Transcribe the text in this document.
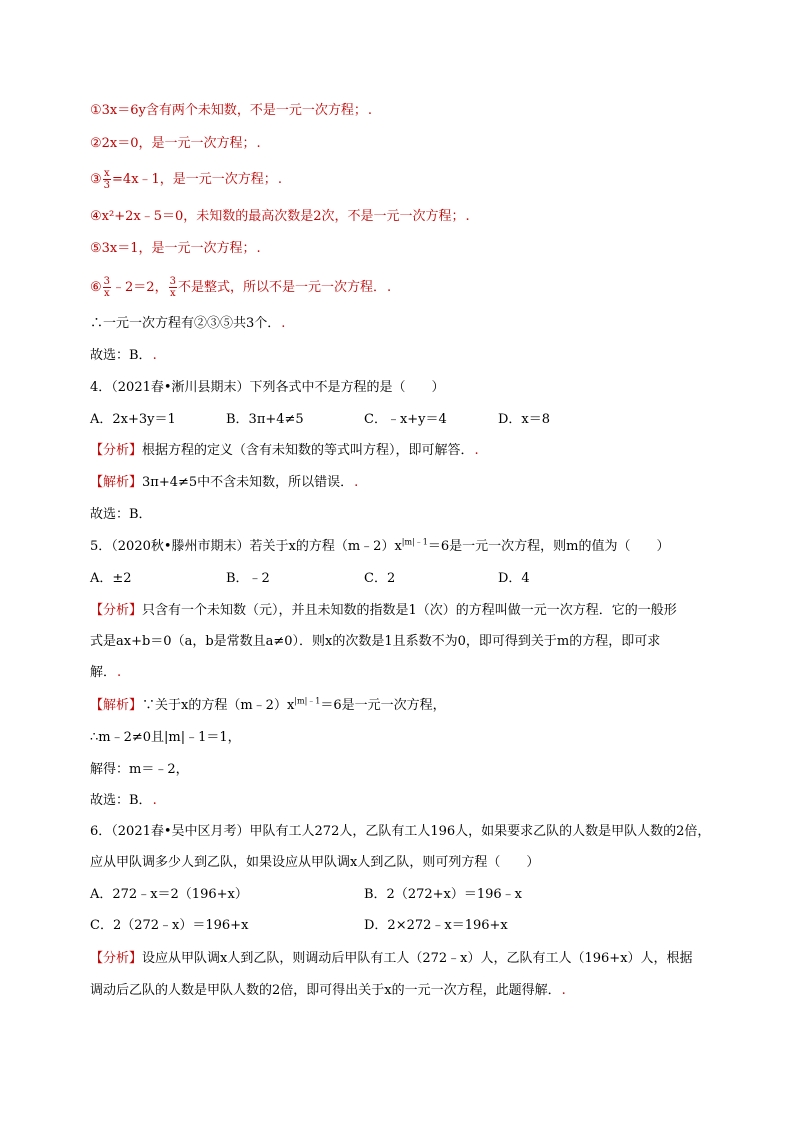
①3x＝6y含有两个未知数，不是一元一次方程；.
②2x＝0，是一元一次方程；.
③ $\frac{x}{3}$ =4x﹣1，是一元一次方程；.
④x²+2x﹣5＝0，未知数的最高次数是2次，不是一元一次方程；.
⑤3x＝1，是一元一次方程；.
⑥ $\frac{3}{x}$ ﹣2＝2， $\frac{3}{x}$ 不是整式，所以不是一元一次方程．.
∴一元一次方程有②③⑤共3个．.
故选：B．.
4．（2021春•淅川县期末）下列各式中不是方程的是（　　）
A．2x+3y＝1	B．3π+4≠5	C．﹣x+y＝4	D．x＝8
【分析】根据方程的定义（含有未知数的等式叫方程），即可解答．.
【解析】3π+4≠5中不含未知数，所以错误．.
故选：B．
5．（2020秋•滕州市期末）若关于x的方程$(m﹣2)x^{|m|﹣1}=6$是一元一次方程，则m的值为（　　）
A．±2	B．﹣2	C．2	D．4
【分析】只含有一个未知数（元），并且未知数的指数是1（次）的方程叫做一元一次方程．它的一般形
式是ax+b＝0（a，b是常数且a≠0）．则x的次数是1且系数不为0，即可得到关于m的方程，即可求
解．.
【解析】∵关于x的方程$(m﹣2)x^{|m|﹣1}=6$是一元一次方程，
∴m﹣2≠0且|m|﹣1＝1，
解得：m＝﹣2，
故选：B．.
6．（2021春•吴中区月考）甲队有工人272人，乙队有工人196人，如果要求乙队的人数是甲队人数的2倍，
应从甲队调多少人到乙队，如果设应从甲队调x人到乙队，则可列方程（　　）
A．272﹣x＝2（196+x）	B．2（272+x）＝196﹣x
C．2（272﹣x）＝196+x	D．2×272﹣x＝196+x
【分析】设应从甲队调x人到乙队，则调动后甲队有工人（272﹣x）人，乙队有工人（196+x）人，根据
调动后乙队的人数是甲队人数的2倍，即可得出关于x的一元一次方程，此题得解．.
